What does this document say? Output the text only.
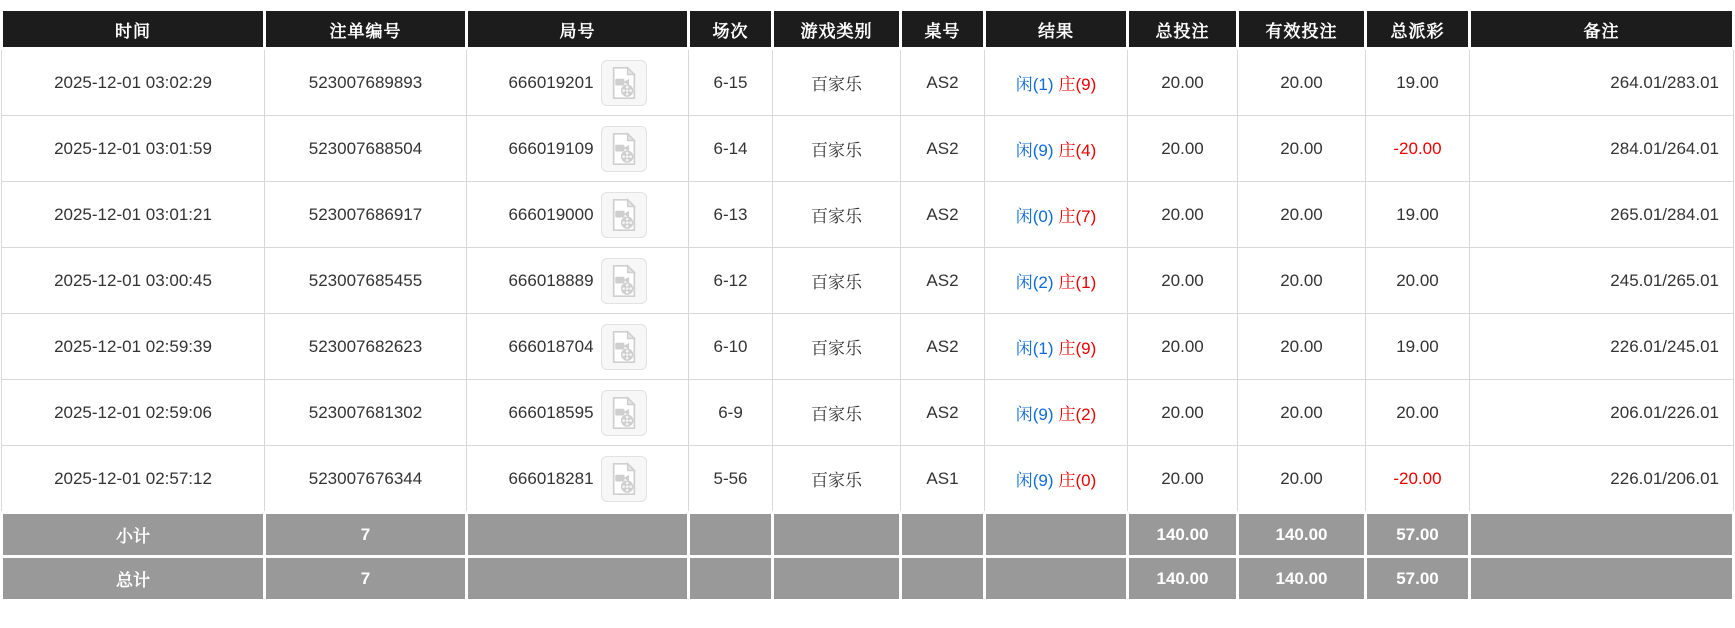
时间	注单编号	局号	场次	游戏类别	桌号	结果	总投注	有效投注	总派彩	备注
2025-12-01 03:02:29	523007689893	666019201	6-15	百家乐	AS2	闲(1) 庄(9)	20.00	20.00	19.00	264.01/283.01
2025-12-01 03:01:59	523007688504	666019109	6-14	百家乐	AS2	闲(9) 庄(4)	20.00	20.00	-20.00	284.01/264.01
2025-12-01 03:01:21	523007686917	666019000	6-13	百家乐	AS2	闲(0) 庄(7)	20.00	20.00	19.00	265.01/284.01
2025-12-01 03:00:45	523007685455	666018889	6-12	百家乐	AS2	闲(2) 庄(1)	20.00	20.00	20.00	245.01/265.01
2025-12-01 02:59:39	523007682623	666018704	6-10	百家乐	AS2	闲(1) 庄(9)	20.00	20.00	19.00	226.01/245.01
2025-12-01 02:59:06	523007681302	666018595	6-9	百家乐	AS2	闲(9) 庄(2)	20.00	20.00	20.00	206.01/226.01
2025-12-01 02:57:12	523007676344	666018281	5-56	百家乐	AS1	闲(9) 庄(0)	20.00	20.00	-20.00	226.01/206.01
小计	7						140.00	140.00	57.00	
总计	7						140.00	140.00	57.00	
